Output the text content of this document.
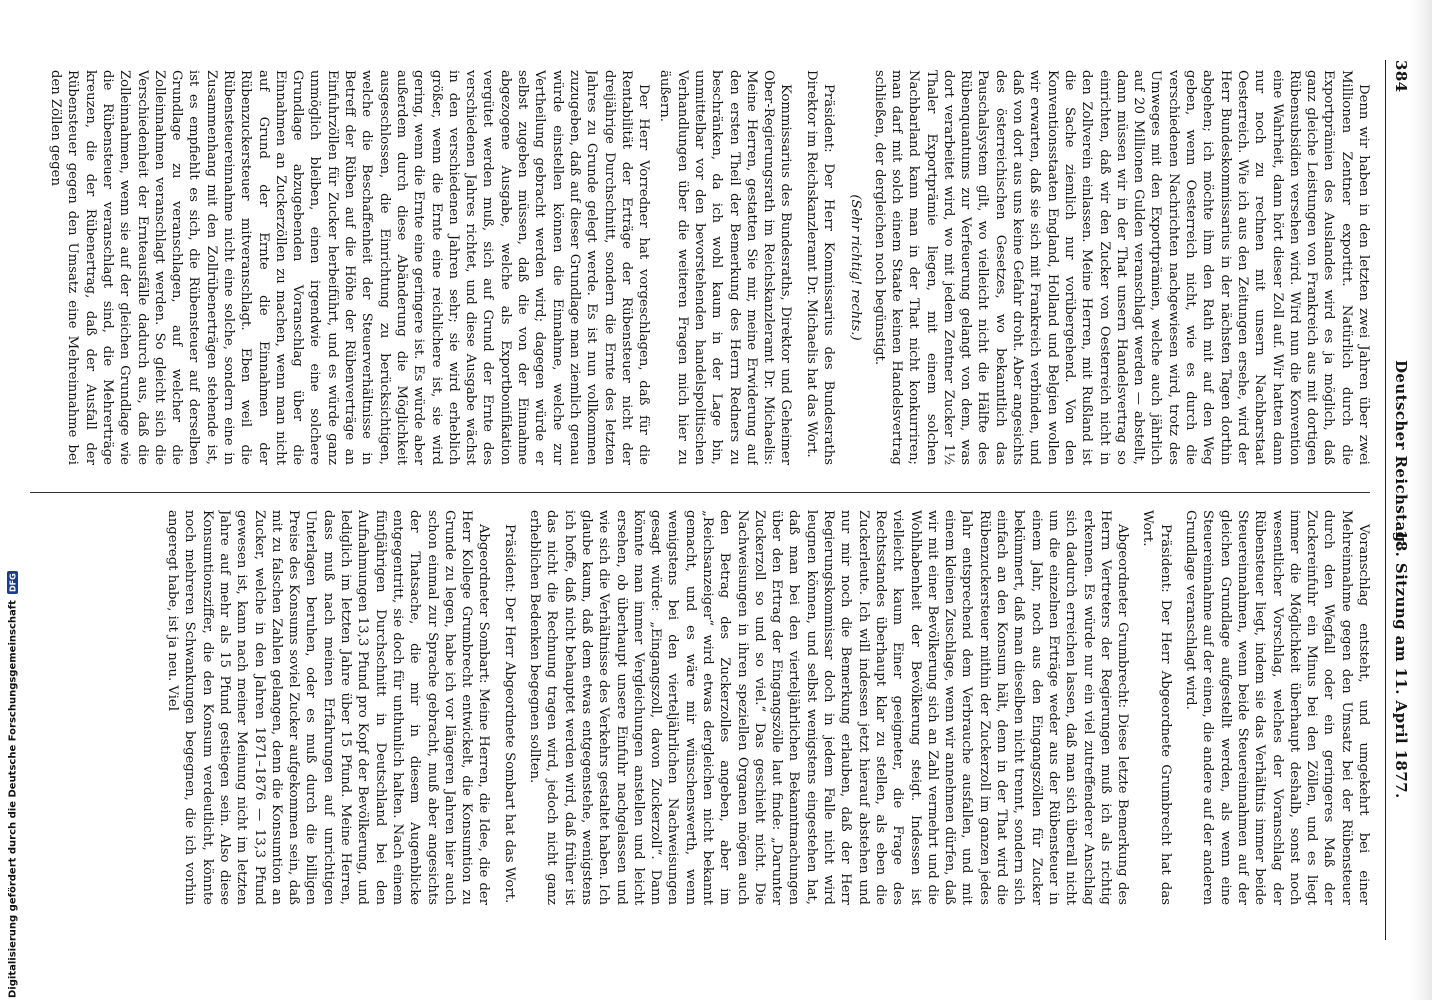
384
Deutscher Reichstag.
18. Sitzung am 11. April 1877.

Denn wir haben in den letzten zwei Jahren über zwei Millionen Zentner exportirt. Natürlich durch die Exportprämien des Auslandes wird es ja möglich, daß ganz gleiche Leistungen von Frankreich aus mit dortigen Rübensubsidien versehen wird. Wird nun die Konvention eine Wahrheit, dann hört dieser Zoll auf. Wir hatten dann nur noch zu rechnen mit unsern Nachbarstaat Oesterreich. Wie ich aus den Zeitungen ersehe, wird der Herr Bundeskommissarius in der nächsten Tagen dorthin abgehen; ich möchte ihm den Rath mit auf den Weg geben, wenn Oesterreich nicht, wie es durch die verschiedenen Nachrichten nachgewiesen wird, trotz des Umweges mit den Exportprämien, welche auch jährlich auf 20 Millionen Gulden veranschlagt werden — abstellt, dann müssen wir in der That unsern Handelsvertrag so einrichten, daß wir den Zucker von Oesterreich nicht in den Zollverein einlassen. Meine Herren, mit Rußland ist die Sache ziemlich nur vorübergehend. Von den Konventionsstaaten England, Holland und Belgien wollen wir erwarten, daß sie sich mit Frankreich verbinden, und daß von dort aus uns keine Gefahr droht. Aber angesichts des österreichischen Gesetzes, wo bekanntlich das Pauschalsystem gilt, wo vielleicht nicht die Hälfte des Rübenquantums zur Verfeuerung gelangt von dem, was dort verarbeitet wird, wo mit jedem Zentner Zucker 1½ Thaler Exportprämie liegen, mit einem solchen Nachbarland kann man in der That nicht konkurriren; man darf mit solch einem Staate keinen Handelsvertrag schließen, der dergleichen noch begünstigt.

(Sehr richtig! rechts.)

Präsident: Der Herr Kommissarius des Bundesraths Direktor im Reichskanzleramt Dr. Michaelis hat das Wort.

Kommissarius des Bundesraths, Direktor und Geheimer Ober-Regierungsrath im Reichskanzleramt Dr. Michaelis: Meine Herren, gestatten Sie mir, meine Erwiderung auf den ersten Theil der Bemerkung des Herrn Redners zu beschränken, da ich wohl kaum in der Lage bin, unmittelbar vor den bevorstehenden handelspolitischen Verhandlungen über die weiteren Fragen mich hier zu äußern.

Der Herr Vorredner hat vorgeschlagen, daß für die Rentabilität der Erträge der Rübensteuer nicht der dreijährige Durchschnitt, sondern die Ernte des letzten Jahres zu Grunde gelegt werde. Es ist nun vollkommen zuzugeben, daß auf dieser Grundlage man ziemlich genau würde einstellen können die Einnahme, welche zur Vertheilung gebracht werden wird; dagegen würde er selbst zugeben müssen, daß die von der Einnahme abgezogene Ausgabe, welche als Exportbonifikation vergütet werden muß, sich auf Grund der Ernte des verschiedenen Jahres richtet, und diese Ausgabe wächst in den verschiedenen Jahren sehr; sie wird erheblich größer, wenn die Ernte eine reichlichere ist, sie wird gering, wenn die Ernte eine geringere ist. Es würde aber außerdem durch diese Abänderung die Möglichkeit ausgeschlossen, die Einrichtung zu berücksichtigen, welche die Beschaffenheit der Steuerverhältnisse in Betreff der Rüben auf die Höhe der Rübenverträge an Einfuhrzöllen für Zucker herbeiführt, und es würde ganz unmöglich bleiben, einen irgendwie eine solchere Grundlage abzugebenden Voranschlag über die Einnahmen an Zuckerzöllen zu machen, wenn man nicht auf Grund der Ernte die Einnahmen der Rübenzuckersteuer mitveranschlagt. Eben weil die Rübensteuereinnahme nicht eine solche, sondern eine in Zusammenhang mit den Zollrübenerträgen stehende ist, ist es empfiehlt es sich, die Rübensteuer auf derselben Grundlage zu veranschlagen, auf welcher die Zolleinnahmen veranschlagt werden. So gleicht sich die Verschiedenheit der Ernteausfälle dadurch aus, daß die Zolleinnahmen, wenn sie auf der gleichen Grundlage wie die Rübensteuer veranschlagt sind, die Mehrerträge kreuzen, die der Rübenertrag, daß der Ausfall der Rübensteuer gegen den Umsatz eine Mehreinnahme bei den Zöllen gegen

Voranschlag entsteht, und umgekehrt bei einer Mehreinnahme gegen den Umsatz bei der Rübensteuer durch den Wegfall oder ein geringeres Maß der Zuckereinfuhr ein Minus bei den Zöllen, und es liegt immer die Möglichkeit überhaupt deshalb, sonst noch wesentlicher Vorschlag, welches der Voranschlag der Rübensteuer liegt, indem sie das Verhältnis immer beide Steuereinnahmen, wenn beide Steuereinnahmen auf der gleichen Grundlage aufgestellt werden, als wenn eine Steuereinnahme auf der einen, die andere auf der anderen Grundlage veranschlagt wird.

Präsident: Der Herr Abgeordnete Grumbrecht hat das Wort.

Abgeordneter Grumbrecht: Diese letzte Bemerkung des Herrn Vertreters der Regierungen muß ich als richtig erkennen. Es würde nur ein viel zutreffenderer Anschlag sich dadurch erreichen lassen, daß man sich überall nicht um die einzelnen Erträge weder aus der Rübensteuer in einem Jahr, noch aus den Eingangszöllen für Zucker bekümmert, daß man dieselben nicht trennt, sondern sich einfach an den Konsum hält, denn in der That wird die Rübenzuckersteuer mithin der Zuckerzoll im ganzen jedes Jahr entsprechend dem Verbrauche ausfallen, und mit einem kleinen Zuschlage, wenn wir annehmen dürfen, daß wir mit einer Bevölkerung sich an Zahl vermehrt und die Wohlhabenheit der Bevölkerung steigt. Indessen ist vielleicht kaum Einer geeigneter, die Frage des Rechtsstandes überhaupt klar zu stellen, als eben die Zuckerleute. Ich will indessen jetzt hierauf abstehen und nur mir noch die Bemerkung erlauben, daß der Herr Regierungskommissar doch in jedem Falle nicht wird leugnen können, und selbst wenigstens eingestehen hat, daß man bei den vierteljährlichen Bekanntmachungen über den Ertrag der Eingangszölle laut finde: „Darunter Zuckerzoll so und so viel.“ Das geschieht nicht. Die Nachweisungen in ihren speziellen Organen mögen auch den Betrag des Zuckerzolles angeben, aber im „Reichsanzeiger“ wird etwas dergleichen nicht bekannt gemacht, und es wäre mir wünschenswerth, wenn wenigstens bei den vierteljährlichen Nachweisungen gesagt würde: „Eingangszoll, davon Zuckerzoll“. Dann könnte man immer Vergleichungen anstellen und leicht ersehen, ob überhaupt unsere Einfuhr nachgelassen und wie sich die Verhältnisse des Verkehrs gestaltet haben. Ich glaube kaum, daß dem etwas entgegenstehe, wenigstens ich hoffe, daß nicht behauptet werden wird, daß früher ist das nicht die Rechnung tragen wird, jedoch nicht ganz erheblichen Bedenken begegnen sollten.

Präsident: Der Herr Abgeordnete Sombart hat das Wort.

Abgeordneter Sombart: Meine Herren, die Idee, die der Herr Kollege Grumbrecht entwickelt, die Konsumtion zu Grunde zu legen, habe ich vor längeren Jahren hier auch schon einmal zur Sprache gebracht, muß aber angesichts der Thatsache, die mir in diesem Augenblicke entgegentritt, sie doch für unthunlich halten. Nach einem fünfjährigen Durchschnitt in Deutschland bei den Aufnahmungen 13,3 Pfund pro Kopf der Bevölkerung, und lediglich im letzten Jahre über 15 Pfund. Meine Herren, dass muß nach meinen Erfahrungen auf unrichtigen Unterlagen beruhen, oder es muß durch die billigen Preise des Konsums soviel Zucker aufgekommen sein, daß mit zu falschen Zahlen gelangen, denn die Konsumtion an Zucker, welche in den Jahren 1871–1876 — 13,3 Pfund gewesen ist, kann nach meiner Meinung nicht im letzten Jahre auf mehr als 15 Pfund gestiegen sein. Also diese Konsumtionsziffer, die den Konsum verdeutlicht, könnte noch mehreren Schwankungen begegnen, die ich vorhin angeregt habe, ist ja neu. Viel

Digitalisierung gefördert durch die Deutsche Forschungsgemeinschaft
DFG
